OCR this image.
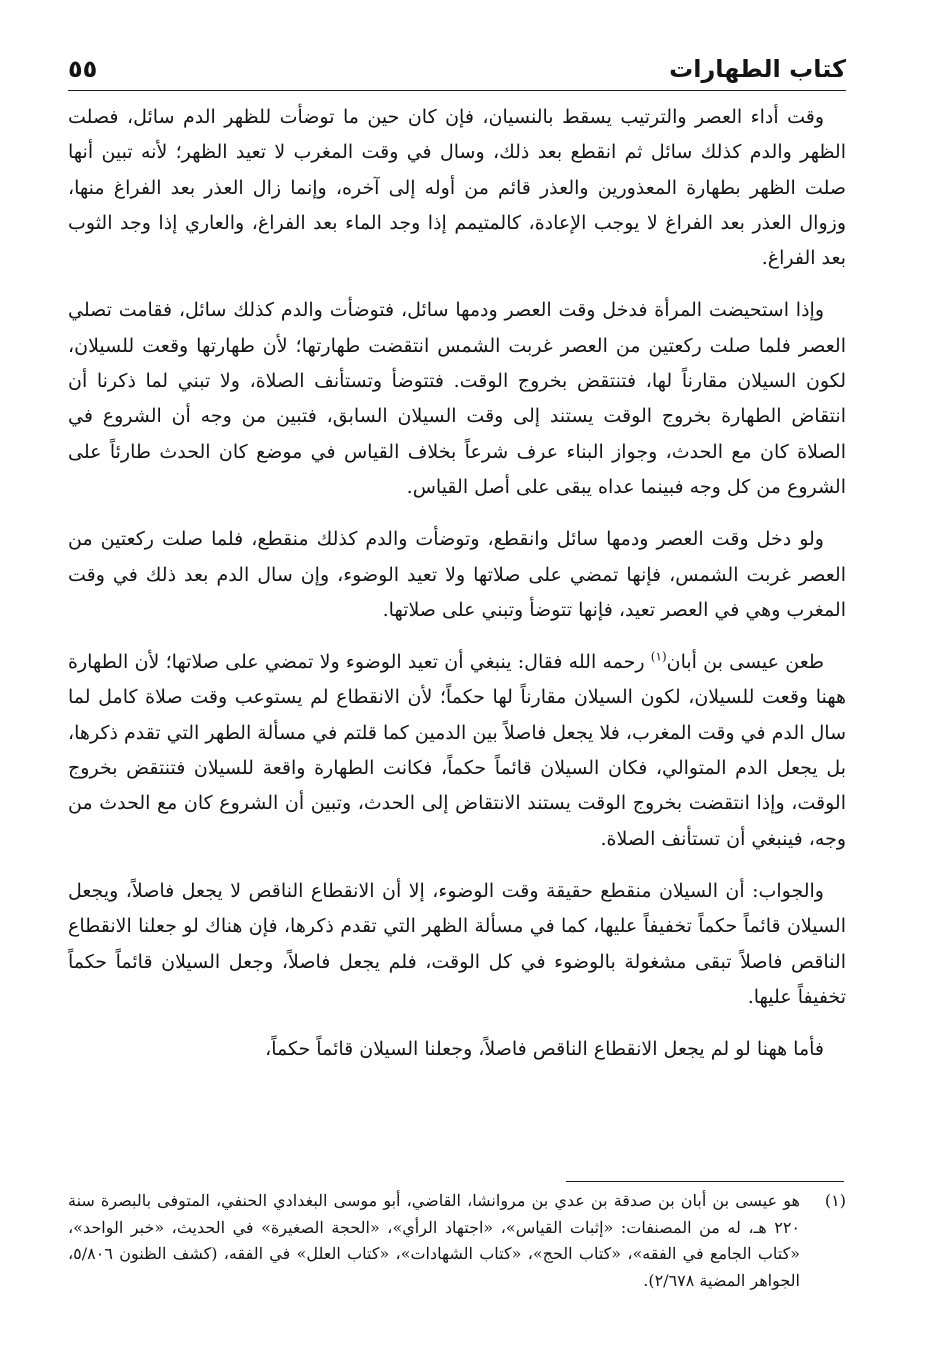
كتاب الطهارات
٥٥

وقت أداء العصر والترتيب يسقط بالنسيان، فإن كان حين ما توضأت للظهر الدم سائل، فصلت الظهر والدم كذلك سائل ثم انقطع بعد ذلك، وسال في وقت المغرب لا تعيد الظهر؛ لأنه تبين أنها صلت الظهر بطهارة المعذورين والعذر قائم من أوله إلى آخره، وإنما زال العذر بعد الفراغ منها، وزوال العذر بعد الفراغ لا يوجب الإعادة، كالمتيمم إذا وجد الماء بعد الفراغ، والعاري إذا وجد الثوب بعد الفراغ.

وإذا استحيضت المرأة فدخل وقت العصر ودمها سائل، فتوضأت والدم كذلك سائل، فقامت تصلي العصر فلما صلت ركعتين من العصر غربت الشمس انتقضت طهارتها؛ لأن طهارتها وقعت للسيلان، لكون السيلان مقارناً لها، فتنتقض بخروج الوقت. فتتوضأ وتستأنف الصلاة، ولا تبني لما ذكرنا أن انتقاض الطهارة بخروج الوقت يستند إلى وقت السيلان السابق، فتبين من وجه أن الشروع في الصلاة كان مع الحدث، وجواز البناء عرف شرعاً بخلاف القياس في موضع كان الحدث طارئاً على الشروع من كل وجه فبينما عداه يبقى على أصل القياس.

ولو دخل وقت العصر ودمها سائل وانقطع، وتوضأت والدم كذلك منقطع، فلما صلت ركعتين من العصر غربت الشمس، فإنها تمضي على صلاتها ولا تعيد الوضوء، وإن سال الدم بعد ذلك في وقت المغرب وهي في العصر تعيد، فإنها تتوضأ وتبني على صلاتها.

طعن عيسى بن أبان$^{(١)}$ رحمه الله فقال: ينبغي أن تعيد الوضوء ولا تمضي على صلاتها؛ لأن الطهارة ههنا وقعت للسيلان، لكون السيلان مقارناً لها حكماً؛ لأن الانقطاع لم يستوعب وقت صلاة كامل لما سال الدم في وقت المغرب، فلا يجعل فاصلاً بين الدمين كما قلتم في مسألة الطهر التي تقدم ذكرها، بل يجعل الدم المتوالي، فكان السيلان قائماً حكماً، فكانت الطهارة واقعة للسيلان فتنتقض بخروج الوقت، وإذا انتقضت بخروج الوقت يستند الانتقاض إلى الحدث، وتبين أن الشروع كان مع الحدث من وجه، فينبغي أن تستأنف الصلاة.

والجواب: أن السيلان منقطع حقيقة وقت الوضوء، إلا أن الانقطاع الناقص لا يجعل فاصلاً، ويجعل السيلان قائماً حكماً تخفيفاً عليها، كما في مسألة الظهر التي تقدم ذكرها، فإن هناك لو جعلنا الانقطاع الناقص فاصلاً تبقى مشغولة بالوضوء في كل الوقت، فلم يجعل فاصلاً، وجعل السيلان قائماً حكماً تخفيفاً عليها.

فأما ههنا لو لم يجعل الانقطاع الناقص فاصلاً، وجعلنا السيلان قائماً حكماً،

(١)
هو عيسى بن أبان بن صدقة بن عدي بن مروانشا، القاضي، أبو موسى البغدادي الحنفي، المتوفى بالبصرة سنة ٢٢٠ هـ، له من المصنفات: «إثبات القياس»، «اجتهاد الرأي»، «الحجة الصغيرة» في الحديث، «خبر الواحد»، «كتاب الجامع في الفقه»، «كتاب الحج»، «كتاب الشهادات»، «كتاب العلل» في الفقه، (كشف الظنون ٥/٨٠٦، الجواهر المضية ٢/٦٧٨).
